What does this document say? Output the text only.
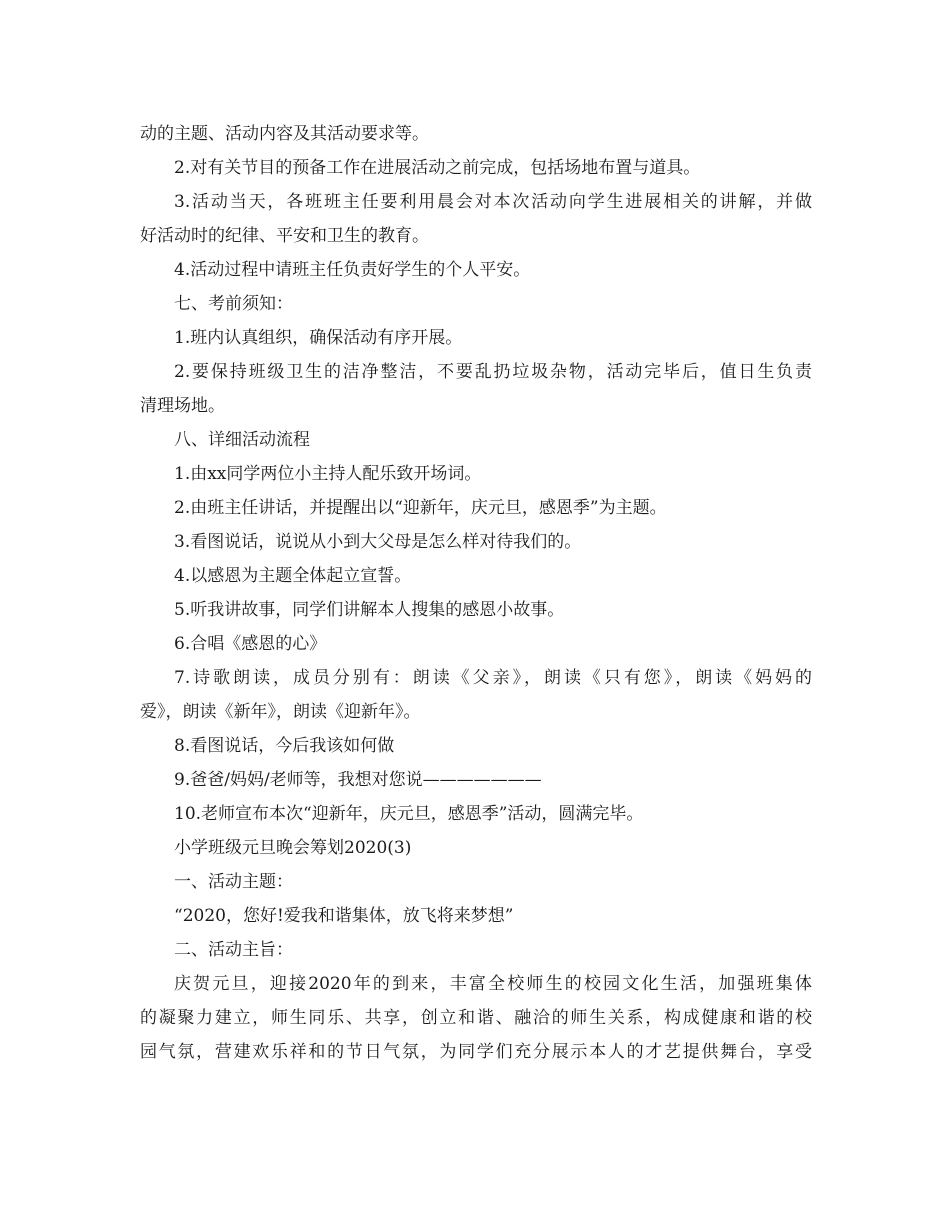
动的主题、活动内容及其活动要求等。
2.对有关节目的预备工作在进展活动之前完成，包括场地布置与道具。
3.活动当天，各班班主任要利用晨会对本次活动向学生进展相关的讲解，并做
好活动时的纪律、平安和卫生的教育。
4.活动过程中请班主任负责好学生的个人平安。
七、考前须知：
1.班内认真组织，确保活动有序开展。
2.要保持班级卫生的洁净整洁，不要乱扔垃圾杂物，活动完毕后，值日生负责
清理场地。
八、详细活动流程
1.由xx同学两位小主持人配乐致开场词。
2.由班主任讲话，并提醒出以“迎新年，庆元旦，感恩季”为主题。
3.看图说话，说说从小到大父母是怎么样对待我们的。
4.以感恩为主题全体起立宣誓。
5.听我讲故事，同学们讲解本人搜集的感恩小故事。
6.合唱《感恩的心》
7.诗歌朗读，成员分别有：朗读《父亲》，朗读《只有您》，朗读《妈妈的
爱》，朗读《新年》，朗读《迎新年》。
8.看图说话，今后我该如何做
9.爸爸/妈妈/老师等，我想对您说———————
10.老师宣布本次“迎新年，庆元旦，感恩季”活动，圆满完毕。
小学班级元旦晚会筹划2020(3)
一、活动主题：
“2020，您好!爱我和谐集体，放飞将来梦想”
二、活动主旨：
庆贺元旦，迎接2020年的到来，丰富全校师生的校园文化生活，加强班集体
的凝聚力建立，师生同乐、共享，创立和谐、融洽的师生关系，构成健康和谐的校
园气氛，营建欢乐祥和的节日气氛，为同学们充分展示本人的才艺提供舞台，享受
